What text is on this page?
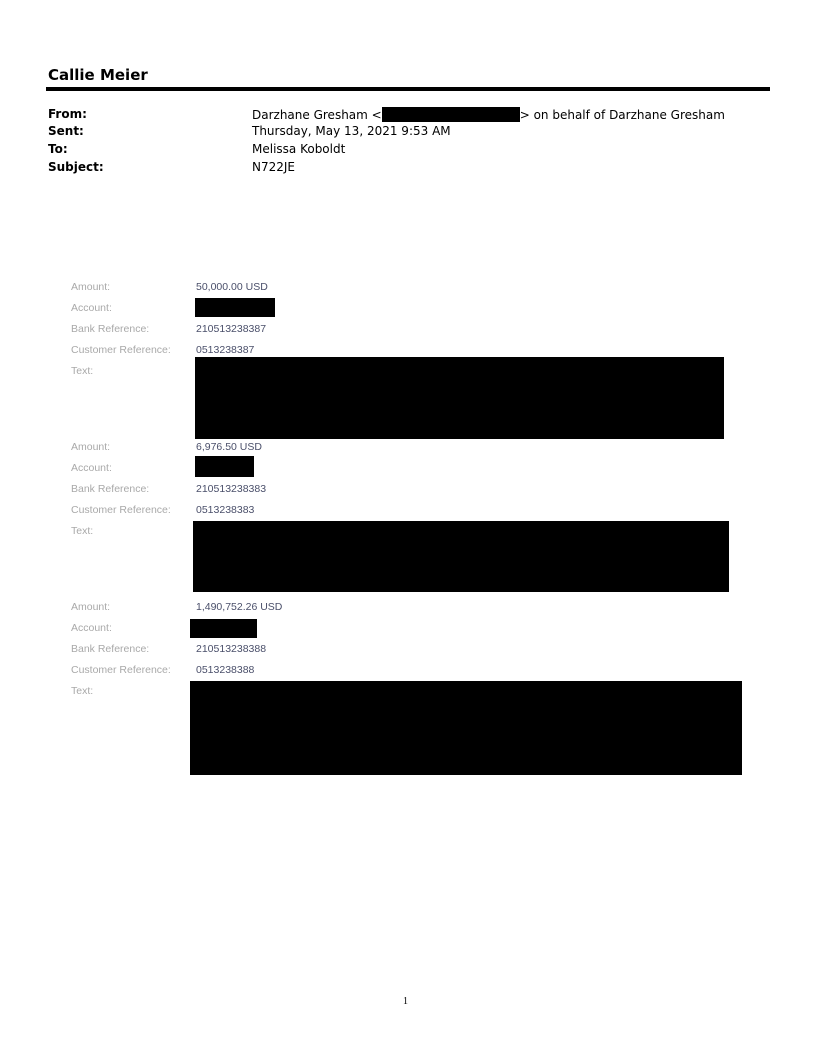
Callie Meier
From:	Darzhane Gresham <	> on behalf of Darzhane Gresham
Sent:	Thursday, May 13, 2021 9:53 AM
To:	Melissa Koboldt
Subject:	N722JE
Amount:	50,000.00 USD
Account:
Bank Reference:	210513238387
Customer Reference: 0513238387
Text:
Amount:	6,976.50 USD
Account:
Bank Reference:	210513238383
Customer Reference: 0513238383
Text:
Amount:	1,490,752.26 USD
Account:
Bank Reference:	210513238388
Customer Reference: 0513238388
Text:
1
